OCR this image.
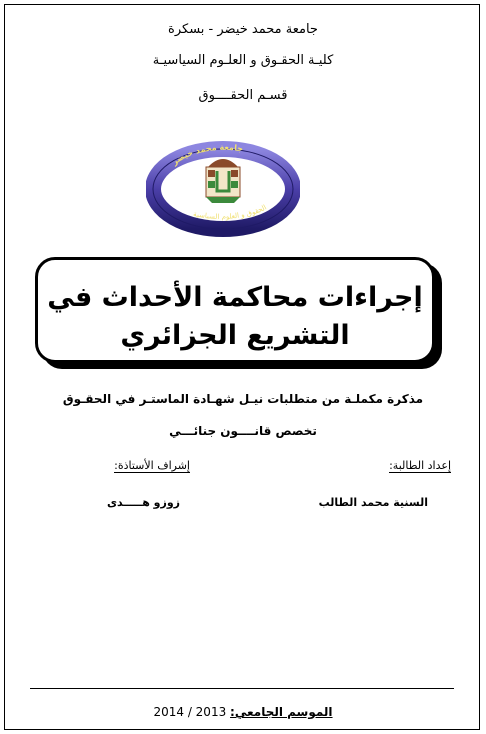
جامعة محمد خيضر - بسكرة
كليـة الحقـوق و العلـوم السياسيـة
قسـم الحقــــوق
جامعة محمد خيضر
الحقوق و العلوم السياسية
إجراءات محاكمة الأحداث في
التشريع الجزائري
مذكرة مكملـة من متطلبات نيـل شهـادة الماستـر في الحقـوق
تخصص قانــــون جنائـــي
إعداد الطالبة:
إشراف الأستاذة:
السنية محمد الطالب
زوزو هـــــدى
الموسم الجامعي: 2013 / 2014
